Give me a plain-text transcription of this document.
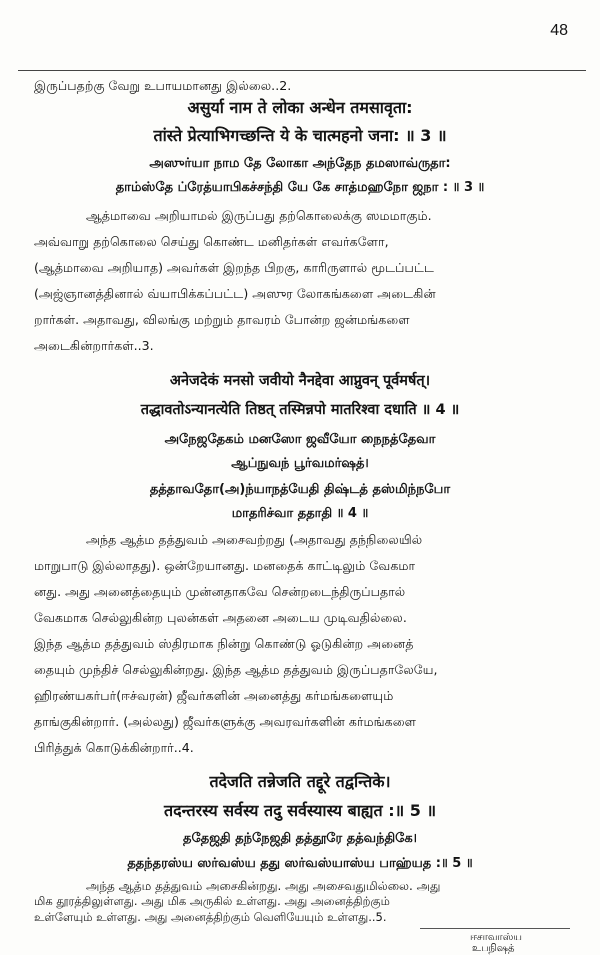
48
இருப்பதற்கு வேறு உபாயமானது இல்லை..2.
असुर्या नाम ते लोका अन्धेन तमसावृता:
तांस्ते प्रेत्याभिगच्छन्ति ये के चात्महनो जना: ॥ 3 ॥
அஸுர்யா நாம தே லோகா அந்தேந தமஸாவ்ருதா:
தாம்ஸ்தே ப்ரேத்யாபிகச்சந்தி யே கே சாத்மஹநோ ஜநா : ॥ 3 ॥
ஆத்மாவை அறியாமல் இருப்பது தற்கொலைக்கு ஸமமாகும்.
அவ்வாறு தற்கொலை செய்து கொண்ட மனிதர்கள் எவர்களோ,
(ஆத்மாவை அறியாத) அவர்கள் இறந்த பிறகு, காரிருளால் மூடப்பட்ட
(அஜ்ஞானத்தினால் வ்யாபிக்கப்பட்ட) அஸுர லோகங்களை அடைகின்
றார்கள். அதாவது, விலங்கு மற்றும் தாவரம் போன்ற ஜன்மங்களை
அடைகின்றார்கள்..3.
अनेजदेकं मनसो जवीयो नैनद्देवा आप्नुवन् पूर्वमर्षत्।
तद्धावतोऽन्यानत्येति तिष्ठत् तस्मिन्नपो मातरिश्वा दधाति ॥ 4 ॥
அநேஜதேகம் மனஸோ ஜவீயோ நைநத்தேவா
ஆப்நுவந் பூர்வமர்ஷத்।
தத்தாவதோ(அ)ந்யாநத்யேதி திஷ்டத் தஸ்மிந்நபோ
மாதரிச்வா ததாதி ॥ 4 ॥
அந்த ஆத்ம தத்துவம் அசைவற்றது (அதாவது தந்நிலையில்
மாறுபாடு இல்லாதது). ஒன்றேயானது. மனதைக் காட்டிலும் வேகமா
னது. அது அனைத்தையும் முன்னதாகவே சென்றடைந்திருப்பதால்
வேகமாக செல்லுகின்ற புலன்கள் அதனை அடைய முடிவதில்லை.
இந்த ஆத்ம தத்துவம் ஸ்திரமாக நின்று கொண்டு ஓடுகின்ற அனைத்
தையும் முந்திச் செல்லுகின்றது. இந்த ஆத்ம தத்துவம் இருப்பதாலேயே,
ஹிரண்யகர்பர்(ஈச்வரன்) ஜீவர்களின் அனைத்து கர்மங்களையும்
தாங்குகின்றார். (அல்லது) ஜீவர்களுக்கு அவரவர்களின் கர்மங்களை
பிரித்துக் கொடுக்கின்றார்..4.
तदेजति तन्नेजति तद्दूरे तद्वन्तिके।
तदन्तरस्य सर्वस्य तदु सर्वस्यास्य बाह्यत :॥ 5 ॥
ததேஜதி தந்நேஜதி தத்தூரே தத்வந்திகே।
ததந்தரஸ்ய ஸர்வஸ்ய தது ஸர்வஸ்யாஸ்ய பாஹ்யத :॥ 5 ॥
அந்த ஆத்ம தத்துவம் அசைகின்றது. அது அசைவதுமில்லை. அது
மிக தூரத்திலுள்ளது. அது மிக அருகில் உள்ளது. அது அனைத்திற்கும்
உள்ளேயும் உள்ளது. அது அனைத்திற்கும் வெளியேயும் உள்ளது..5.
ஈசாவாஸ்ய
உபநிஷத்
